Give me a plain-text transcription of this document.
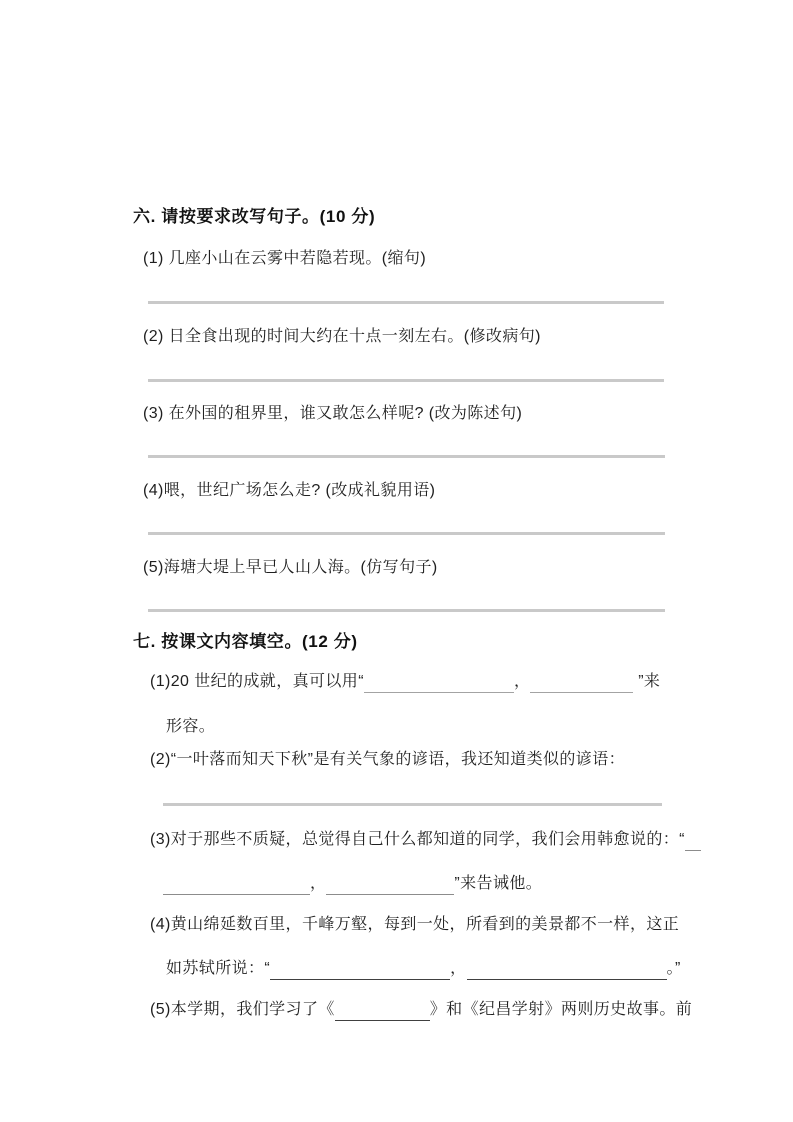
六. 请按要求改写句子。(10 分)
(1) 几座小山在云雾中若隐若现。(缩句)
(2) 日全食出现的时间大约在十点一刻左右。(修改病句)
(3) 在外国的租界里，谁又敢怎么样呢? (改为陈述句)
(4)喂，世纪广场怎么走? (改成礼貌用语)
(5)海塘大堤上早已人山人海。(仿写句子)
七. 按课文内容填空。(12 分)
(1)20 世纪的成就，真可以用“	，	”来
形容。
(2)“一叶落而知天下秋”是有关气象的谚语，我还知道类似的谚语：
(3)对于那些不质疑，总觉得自己什么都知道的同学，我们会用韩愈说的：“
，	”来告诫他。
(4)黄山绵延数百里，千峰万壑，每到一处，所看到的美景都不一样，这正
如苏轼所说：“	，	。”
(5)本学期，我们学习了《	》和《纪昌学射》两则历史故事。前
